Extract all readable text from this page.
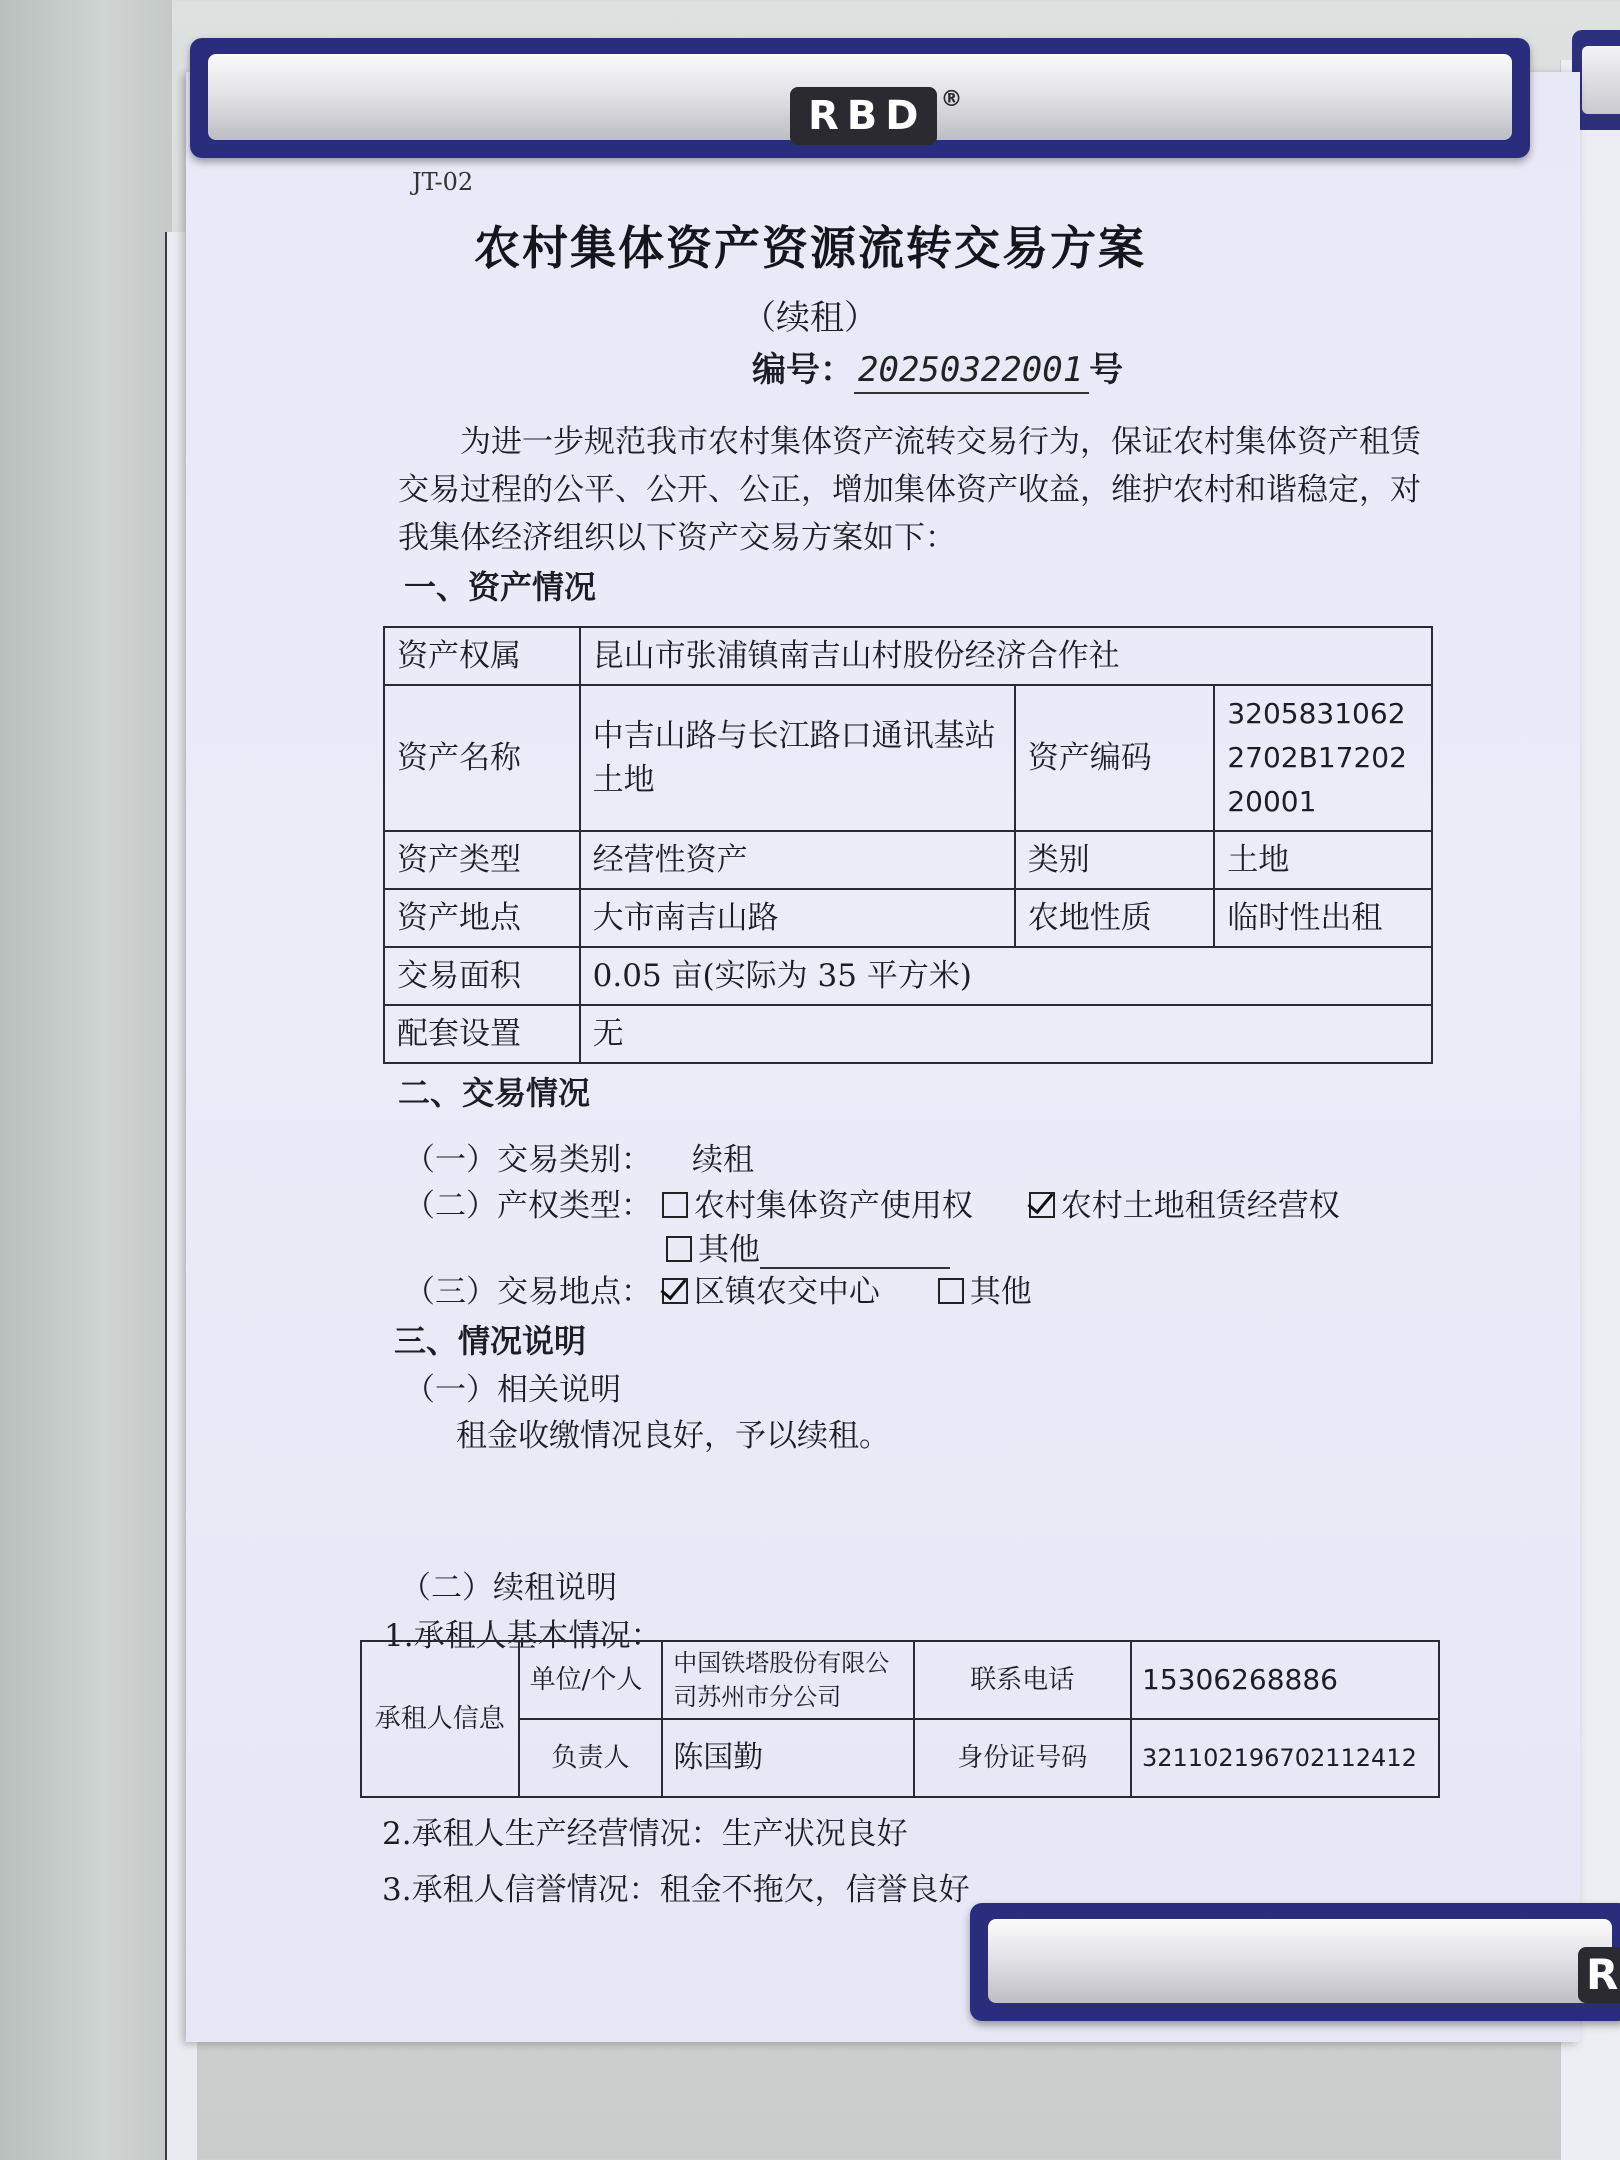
RBD ®
JT-02
农村集体资产资源流转交易方案
（续租）
编号： 20250322001 号

为进一步规范我市农村集体资产流转交易行为，保证农村集体资产租赁交易过程的公平、公开、公正，增加集体资产收益，维护农村和谐稳定，对我集体经济组织以下资产交易方案如下：

一、资产情况
资产权属	昆山市张浦镇南吉山村股份经济合作社		
资产名称	中吉山路与长江路口通讯基站土地	资产编码	32058310622702B1720220001
资产类型	经营性资产	类别	土地
资产地点	大市南吉山路	农地性质	临时性出租
交易面积	0.05 亩(实际为 35 平方米)		
配套设置	无		
二、交易情况
（一）交易类别： 续租
（二）产权类型： 农村集体资产使用权	农村土地租赁经营权
其他
（三）交易地点： 区镇农交中心	其他
三、情况说明
（一）相关说明
租金收缴情况良好，予以续租。
（二）续租说明
1.承租人基本情况：
承租人信息	单位/个人	中国铁塔股份有限公司苏州市分公司	联系电话	15306268886
	负责人	陈国勤	身份证号码	321102196702112412
2.承租人生产经营情况：生产状况良好
3.承租人信誉情况：租金不拖欠，信誉良好
R
